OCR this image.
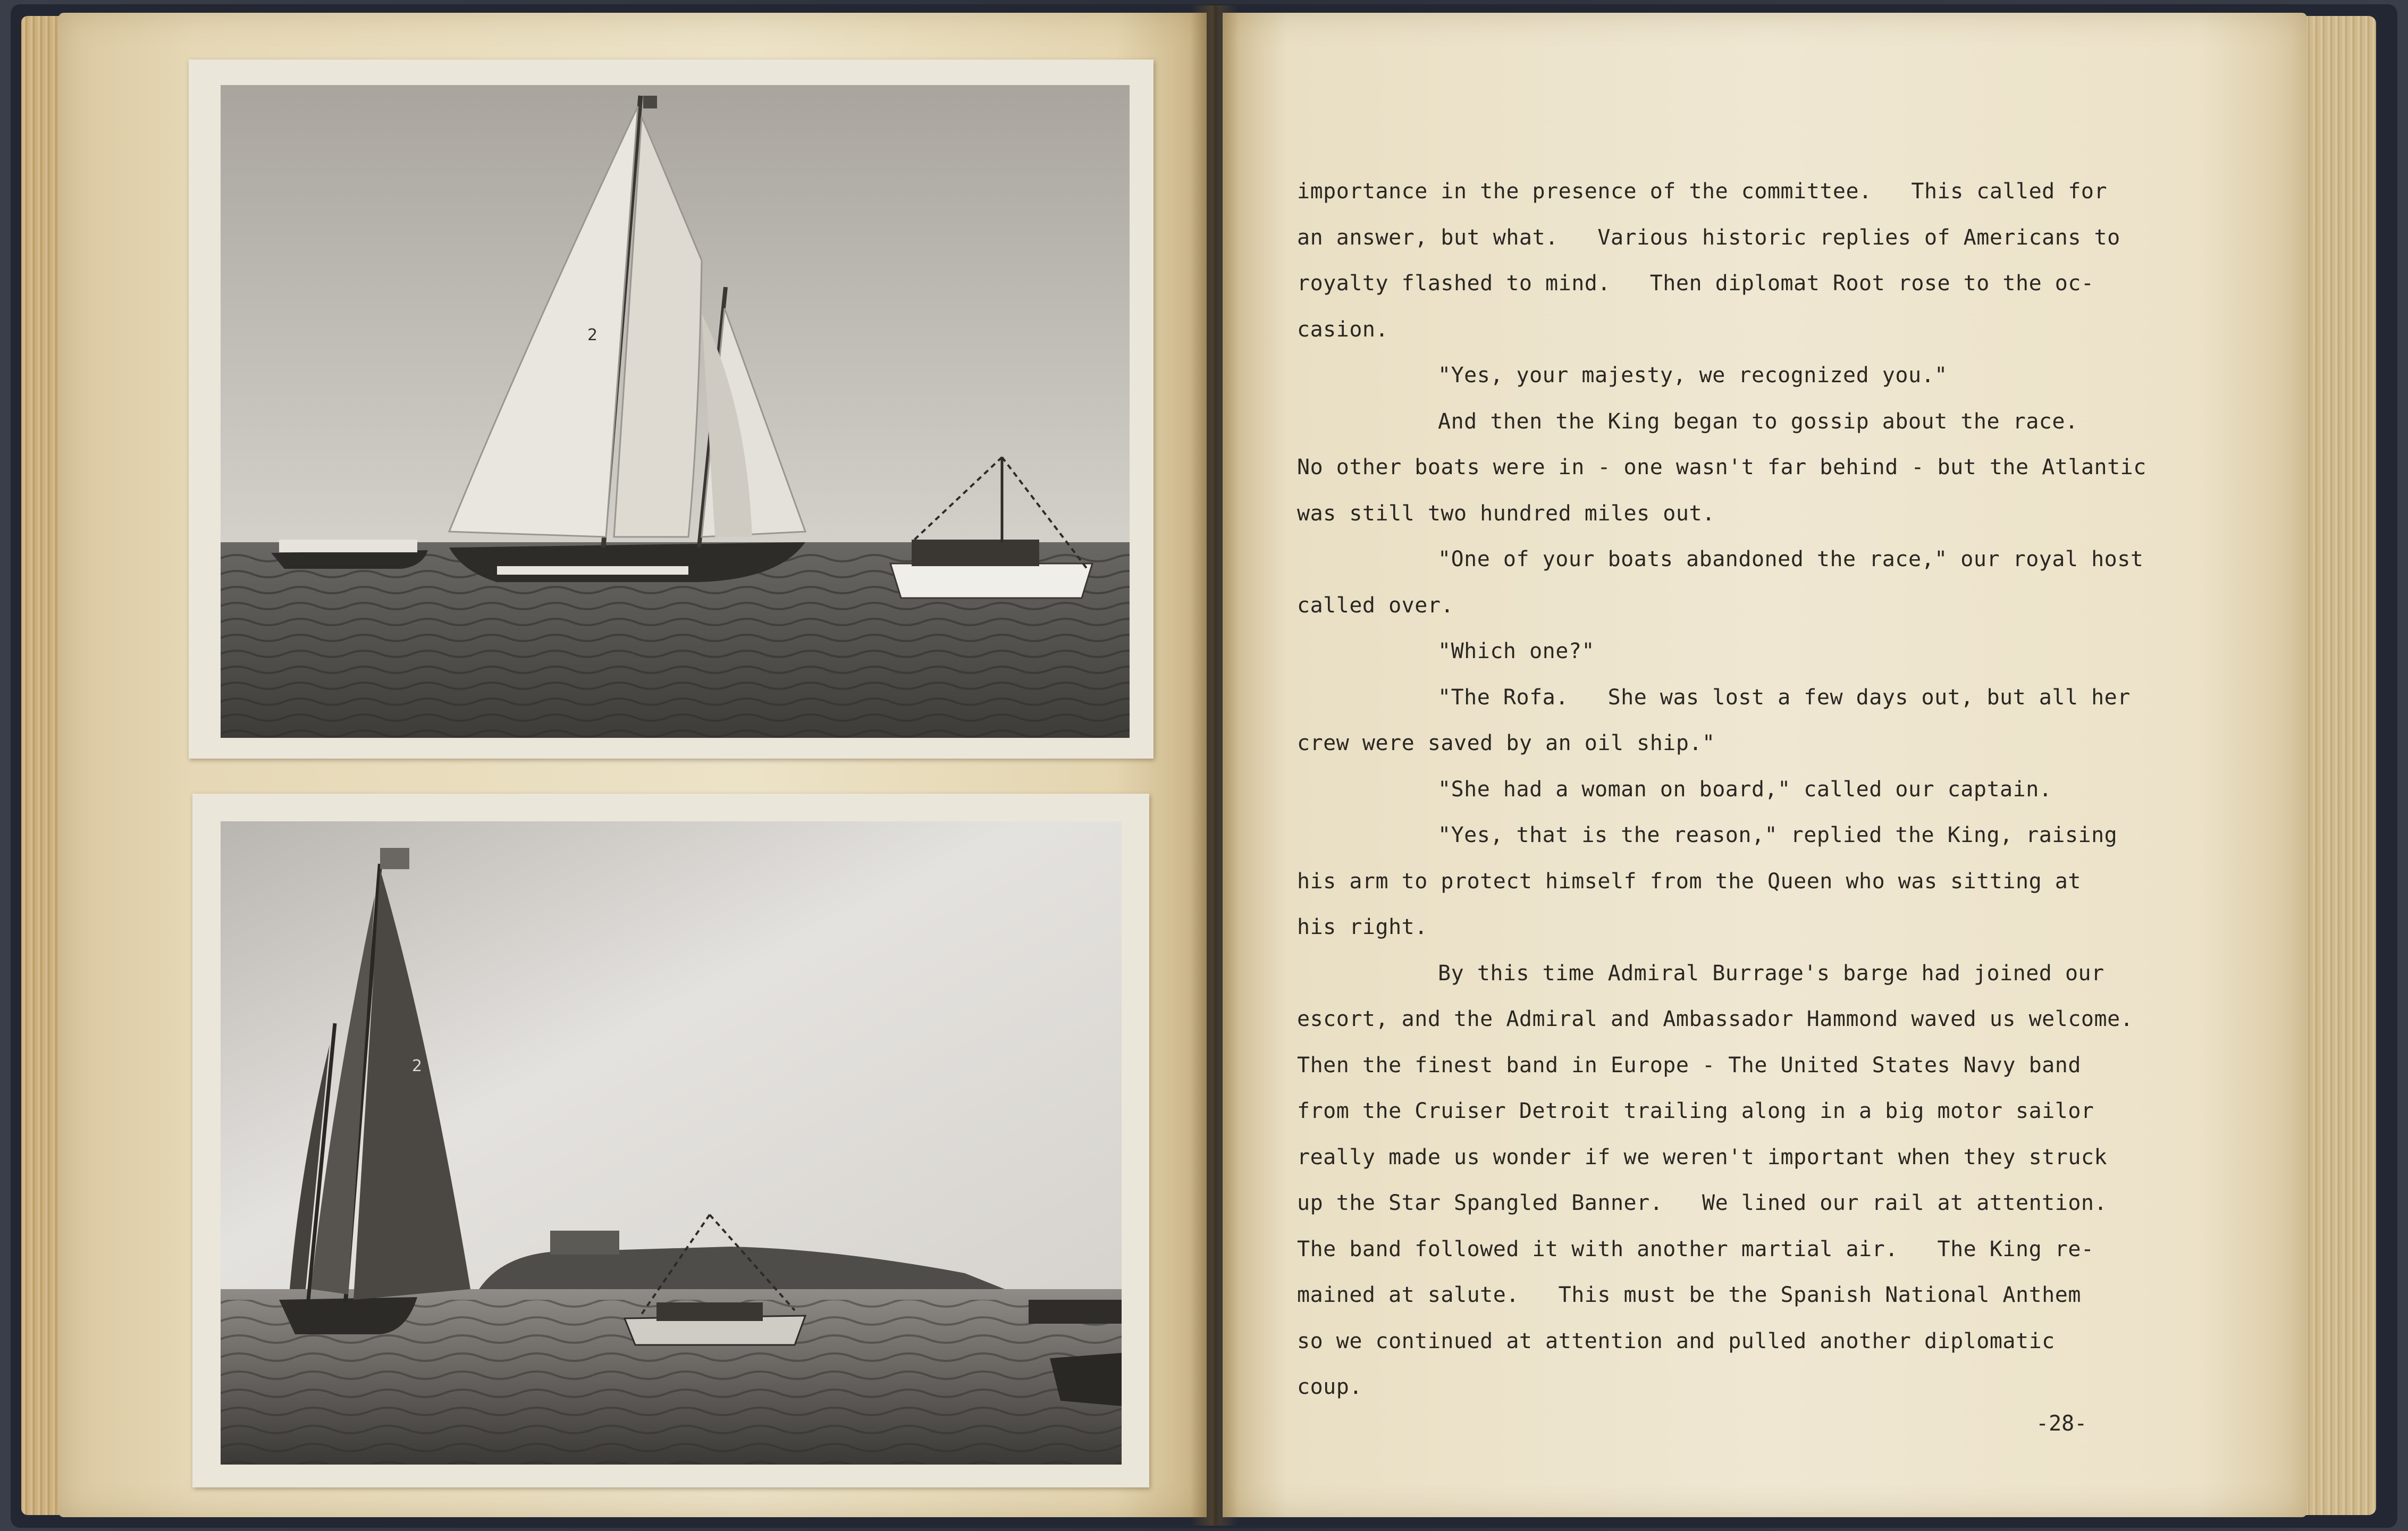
2
2
importance in the presence of the committee.   This called for
an answer, but what.   Various historic replies of Americans to
royalty flashed to mind.   Then diplomat Root rose to the oc-
casion.
"Yes, your majesty, we recognized you."
And then the King began to gossip about the race.
No other boats were in - one wasn't far behind - but the Atlantic
was still two hundred miles out.
"One of your boats abandoned the race," our royal host
called over.
"Which one?"
"The Rofa.   She was lost a few days out, but all her
crew were saved by an oil ship."
"She had a woman on board," called our captain.
"Yes, that is the reason," replied the King, raising
his arm to protect himself from the Queen who was sitting at
his right.
By this time Admiral Burrage's barge had joined our
escort, and the Admiral and Ambassador Hammond waved us welcome.
Then the finest band in Europe - The United States Navy band
from the Cruiser Detroit trailing along in a big motor sailor
really made us wonder if we weren't important when they struck
up the Star Spangled Banner.   We lined our rail at attention.
The band followed it with another martial air.   The King re-
mained at salute.   This must be the Spanish National Anthem
so we continued at attention and pulled another diplomatic
coup.
-28-
